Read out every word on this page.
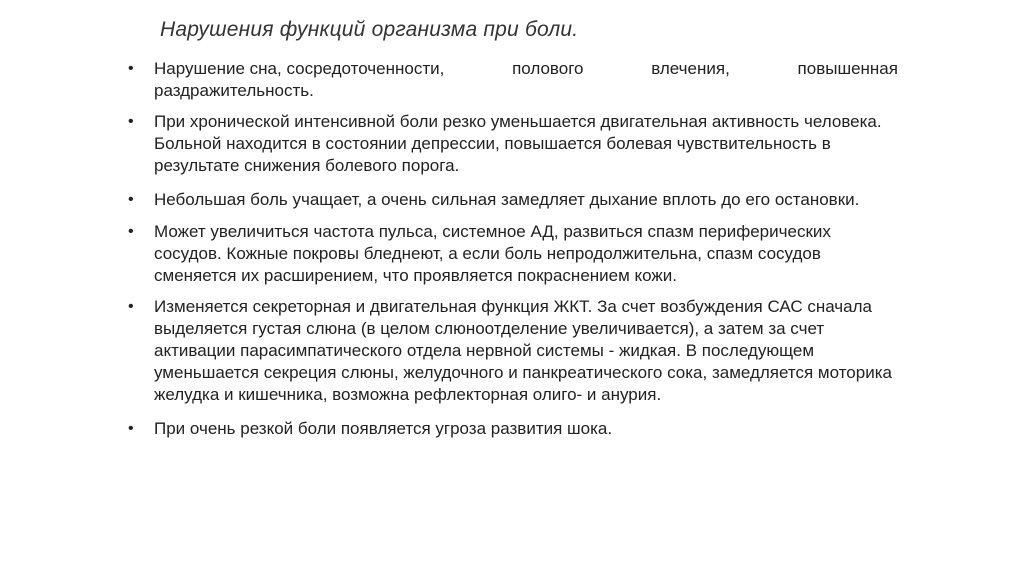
Нарушения функций организма при боли.
• Нарушение сна, сосредоточенности,	полового	влечения,	повышенная
раздражительность.
• При хронической интенсивной боли резко уменьшается двигательная активность человека. Больной находится в состоянии депрессии, повышается болевая чувствительность в результате снижения болевого порога.
• Небольшая боль учащает, а очень сильная замедляет дыхание вплоть до его остановки.
• Может увеличиться частота пульса, системное АД, развиться спазм периферических сосудов. Кожные покровы бледнеют, а если боль непродолжительна, спазм сосудов сменяется их расширением, что проявляется покраснением кожи.
• Изменяется секреторная и двигательная функция ЖКТ. За счет возбуждения САС сначала выделяется густая слюна (в целом слюноотделение увеличивается), а затем за счет активации парасимпатического отдела нервной системы - жидкая. В последующем уменьшается секреция слюны, желудочного и панкреатического сока, замедляется моторика желудка и кишечника, возможна рефлекторная олиго- и анурия.
• При очень резкой боли появляется угроза развития шока.
